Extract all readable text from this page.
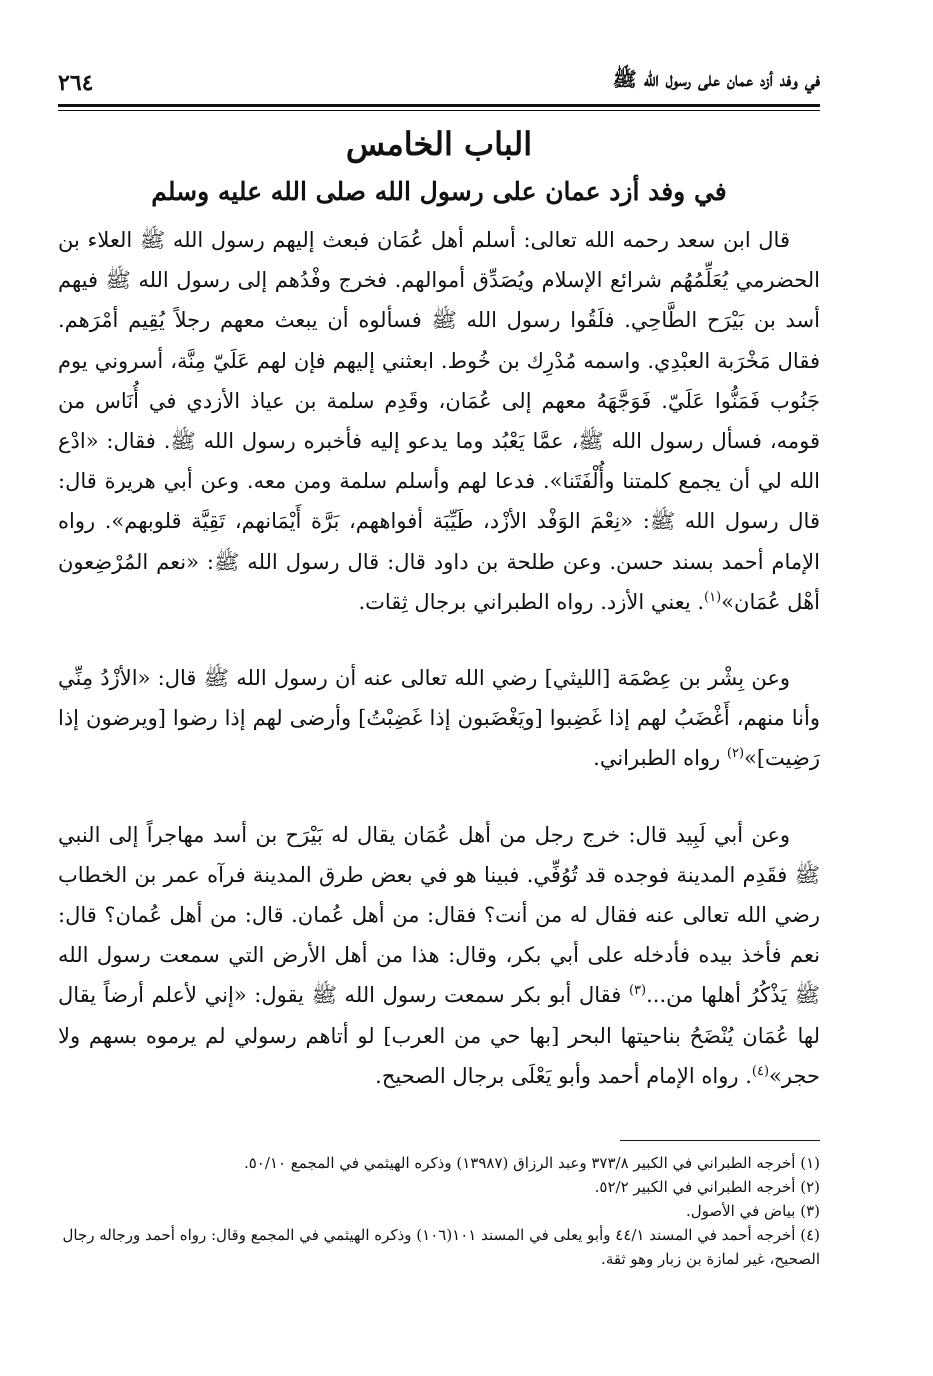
في وفد أزد عمان على رسول الله ﷺ
٢٦٤
الباب الخامس
في وفد أزد عمان على رسول الله صلى الله عليه وسلم

قال ابن سعد رحمه الله تعالى: أسلم أهل عُمَان فبعث إليهم رسول الله ﷺ العلاء بن الحضرمي يُعَلِّمُهُم شرائع الإسلام ويُصَدِّق أموالهم. فخرج وفْدُهم إلى رسول الله ﷺ فيهم أسد بن بَيْرَح الطَّاحِي. فلَقُوا رسول الله ﷺ فسألوه أن يبعث معهم رجلاً يُقِيم أمْرَهم. فقال مَخْرَبة العبْدِي. واسمه مُدْرِك بن خُوط. ابعثني إليهم فإن لهم عَلَيّ مِنَّة، أسروني يوم جَنُوب فَمَنُّوا عَلَيّ. فَوَجَّهَهُ معهم إلى عُمَان، وقَدِم سلمة بن عياذ الأزدي في أُنَاس من قومه، فسأل رسول الله ﷺ، عمَّا يَعْبُد وما يدعو إليه فأخبره رسول الله ﷺ. فقال: «ادْع الله لي أن يجمع كلمتنا وأُلْفَتَنا». فدعا لهم وأسلم سلمة ومن معه. وعن أبي هريرة قال: قال رسول الله ﷺ: «نِعْمَ الوَفْد الأزْد، طَيِّبَة أفواههم، بَرَّة أَيْمَانهم، تَقِيَّة قلوبهم». رواه الإمام أحمد بسند حسن. وعن طلحة بن داود قال: قال رسول الله ﷺ: «نعم المُرْضِعون أهْل عُمَان»$^{(١)}$. يعني الأزد. رواه الطبراني برجال ثِقات.

وعن بِشْر بن عِصْمَة [الليثي] رضي الله تعالى عنه أن رسول الله ﷺ قال: «الأزْدُ مِنِّي وأنا منهم، أَغْضَبُ لهم إذا غَضِبوا [ويَغْضَبون إذا غَضِبْتُ] وأرضى لهم إذا رضوا [ويرضون إذا رَضِيت]»$^{(٢)}$ رواه الطبراني.

وعن أبي لَبِيد قال: خرج رجل من أهل عُمَان يقال له بَيْرَح بن أسد مهاجراً إلى النبي ﷺ فقَدِم المدينة فوجده قد تُوُفِّي. فبينا هو في بعض طرق المدينة فرآه عمر بن الخطاب رضي الله تعالى عنه فقال له من أنت؟ فقال: من أهل عُمان. قال: من أهل عُمان؟ قال: نعم فأخذ بيده فأدخله على أبي بكر، وقال: هذا من أهل الأرض التي سمعت رسول الله ﷺ يَذْكُرُ أهلها من...$^{(٣)}$ فقال أبو بكر سمعت رسول الله ﷺ يقول: «إني لأعلم أرضاً يقال لها عُمَان يُنْضَحُ بناحيتها البحر [بها حي من العرب] لو أتاهم رسولي لم يرموه بسهم ولا حجر»$^{(٤)}$. رواه الإمام أحمد وأبو يَعْلَى برجال الصحيح.

(١) أخرجه الطبراني في الكبير ٣٧٣/٨ وعبد الرزاق (١٣٩٨٧) وذكره الهيثمي في المجمع ٥٠/١٠.

(٢) أخرجه الطبراني في الكبير ٥٢/٢.

(٣) بياض في الأصول.

(٤) أخرجه أحمد في المسند ٤٤/١ وأبو يعلى في المسند ١٠١(١٠٦) وذكره الهيثمي في المجمع وقال: رواه أحمد ورجاله رجال الصحيح، غير لمازة بن زبار وهو ثقة.
